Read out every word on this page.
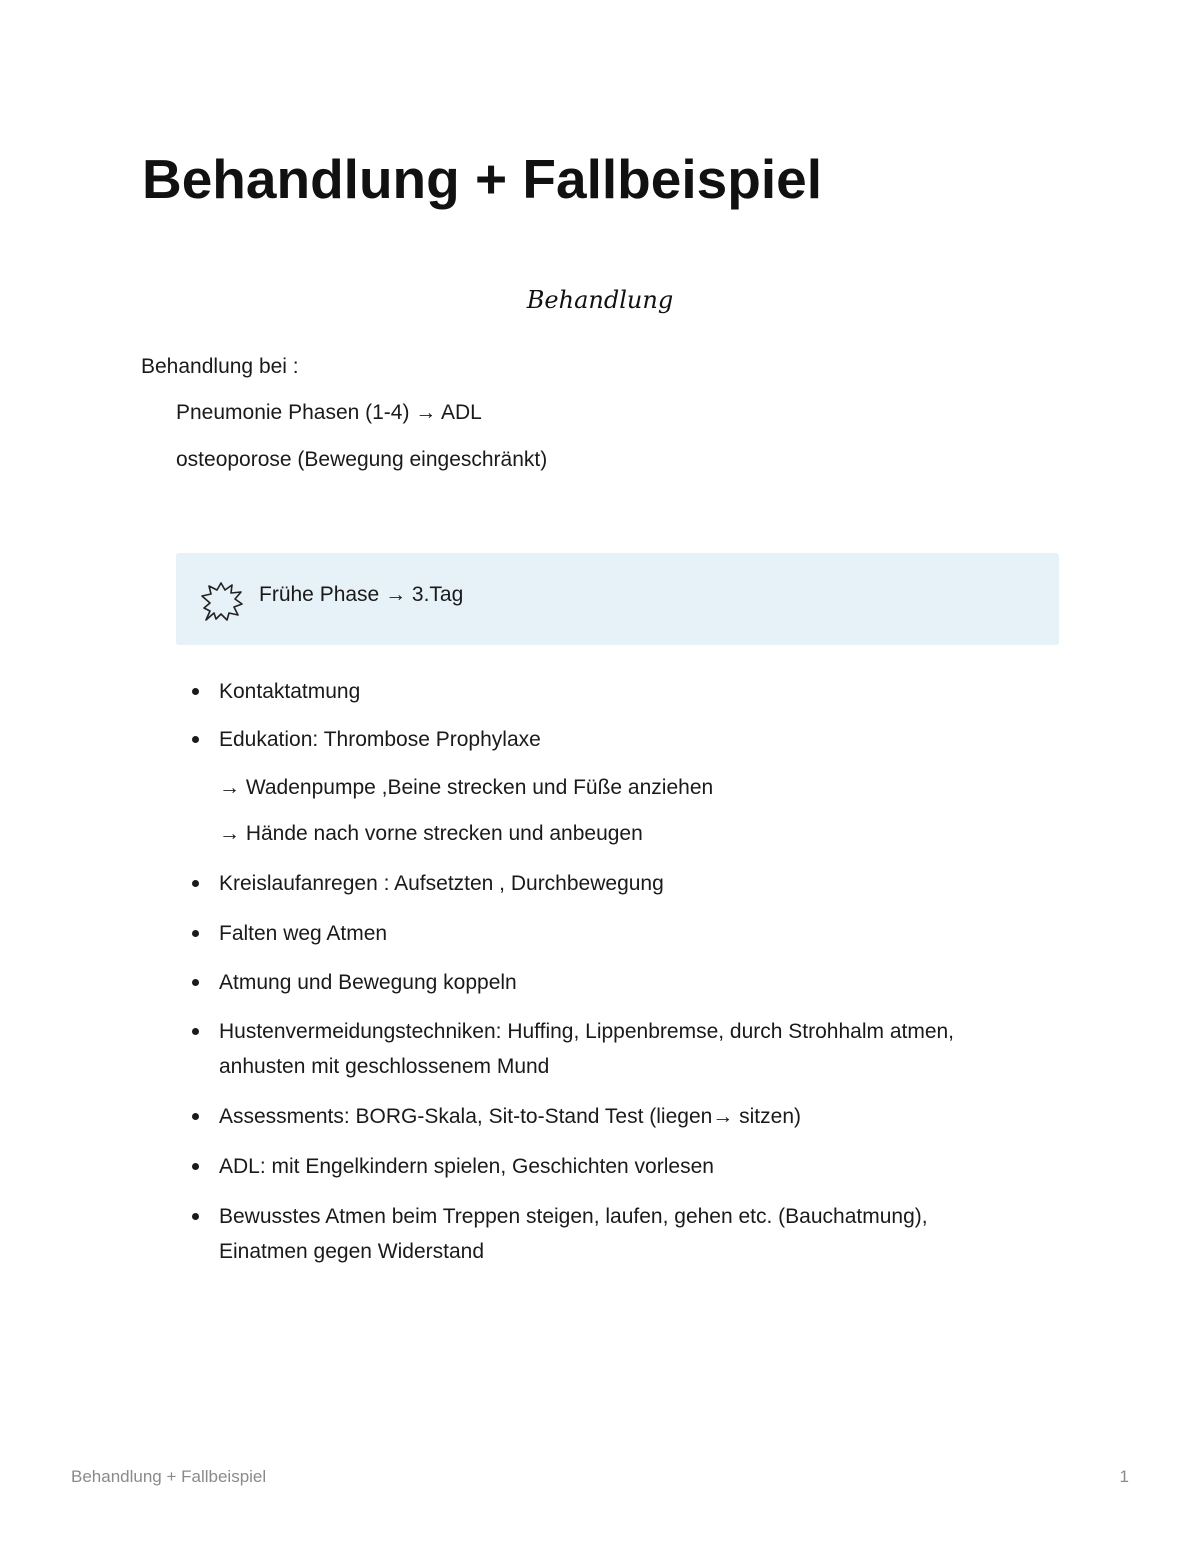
Behandlung + Fallbeispiel
Behandlung
Behandlung bei :
Pneumonie Phasen (1-4) → ADL
osteoporose (Bewegung eingeschränkt)
Frühe Phase → 3.Tag
Kontaktatmung
Edukation: Thrombose Prophylaxe
→ Wadenpumpe ,Beine strecken und Füße anziehen
→ Hände nach vorne strecken und anbeugen
Kreislaufanregen : Aufsetzten , Durchbewegung
Falten weg Atmen
Atmung und Bewegung koppeln
Hustenvermeidungstechniken: Huffing, Lippenbremse, durch Strohhalm atmen,
anhusten mit geschlossenem Mund
Assessments: BORG-Skala, Sit-to-Stand Test (liegen→ sitzen)
ADL: mit Engelkindern spielen, Geschichten vorlesen
Bewusstes Atmen beim Treppen steigen, laufen, gehen etc. (Bauchatmung),
Einatmen gegen Widerstand
Behandlung + Fallbeispiel	1
